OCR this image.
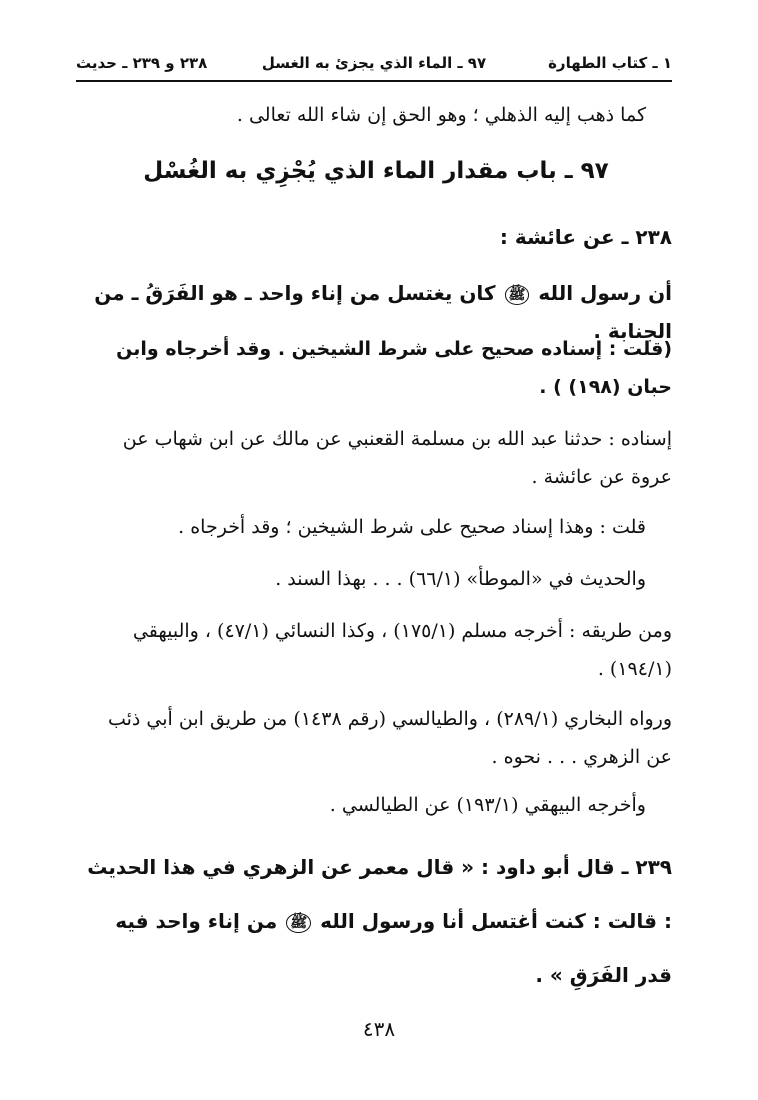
١ ـ كتاب الطهارة
٩٧ ـ الماء الذي يجزئ به الغسل
٢٣٨ و ٢٣٩ ـ حديث

كما ذهب إليه الذهلي ؛ وهو الحق إن شاء الله تعالى .

٩٧ ـ باب مقدار الماء الذي يُجْزِي به الغُسْل

٢٣٨ ـ عن عائشة :

أن رسول الله ﷺ كان يغتسل من إناء واحد ـ هو الفَرَقُ ـ من الجنابة .

(قلت : إسناده صحيح على شرط الشيخين . وقد أخرجاه وابن حبان (١٩٨) ) .

إسناده : حدثنا عبد الله بن مسلمة القعنبي عن مالك عن ابن شهاب عن عروة عن عائشة .

قلت : وهذا إسناد صحيح على شرط الشيخين ؛ وقد أخرجاه .

والحديث في «الموطأ» (٦٦/١) . . . بهذا السند .

ومن طريقه : أخرجه مسلم (١٧٥/١) ، وكذا النسائي (٤٧/١) ، والبيهقي (١٩٤/١) .

ورواه البخاري (٢٨٩/١) ، والطيالسي (رقم ١٤٣٨) من طريق ابن أبي ذئب عن الزهري . . . نحوه .

وأخرجه البيهقي (١٩٣/١) عن الطيالسي .

٢٣٩ ـ قال أبو داود : « قال معمر عن الزهري في هذا الحديث : قالت : كنت أغتسل أنا ورسول الله ﷺ من إناء واحد فيه قدر الفَرَقِ » .

٤٣٨
